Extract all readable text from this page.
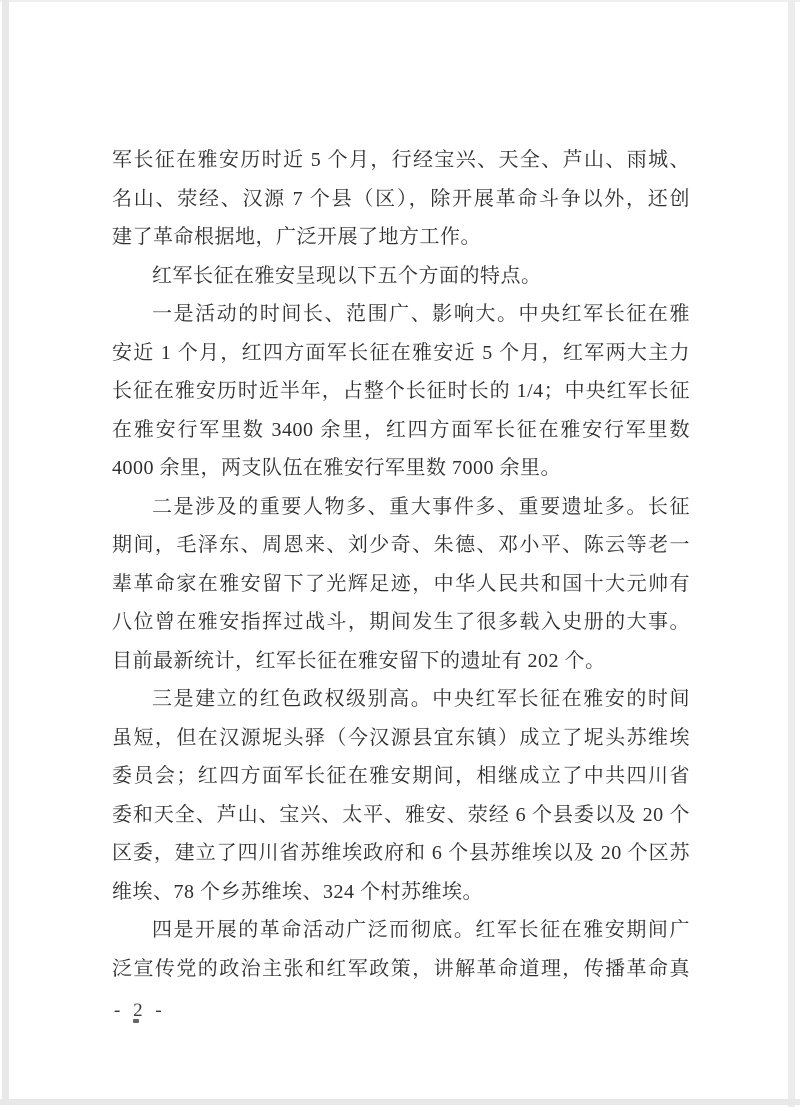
军长征在雅安历时近 5 个月，行经宝兴、天全、芦山、雨城、
名山、荥经、汉源 7 个县（区），除开展革命斗争以外，还创
建了革命根据地，广泛开展了地方工作。
红军长征在雅安呈现以下五个方面的特点。
一是活动的时间长、范围广、影响大。中央红军长征在雅
安近 1 个月，红四方面军长征在雅安近 5 个月，红军两大主力
长征在雅安历时近半年，占整个长征时长的 1/4；中央红军长征
在雅安行军里数 3400 余里，红四方面军长征在雅安行军里数
4000 余里，两支队伍在雅安行军里数 7000 余里。
二是涉及的重要人物多、重大事件多、重要遗址多。长征
期间，毛泽东、周恩来、刘少奇、朱德、邓小平、陈云等老一
辈革命家在雅安留下了光辉足迹，中华人民共和国十大元帅有
八位曾在雅安指挥过战斗，期间发生了很多载入史册的大事。
目前最新统计，红军长征在雅安留下的遗址有 202 个。
三是建立的红色政权级别高。中央红军长征在雅安的时间
虽短，但在汉源坭头驿（今汉源县宜东镇）成立了坭头苏维埃
委员会；红四方面军长征在雅安期间，相继成立了中共四川省
委和天全、芦山、宝兴、太平、雅安、荥经 6 个县委以及 20 个
区委，建立了四川省苏维埃政府和 6 个县苏维埃以及 20 个区苏
维埃、78 个乡苏维埃、324 个村苏维埃。
四是开展的革命活动广泛而彻底。红军长征在雅安期间广
泛宣传党的政治主张和红军政策，讲解革命道理，传播革命真
- 2 -
